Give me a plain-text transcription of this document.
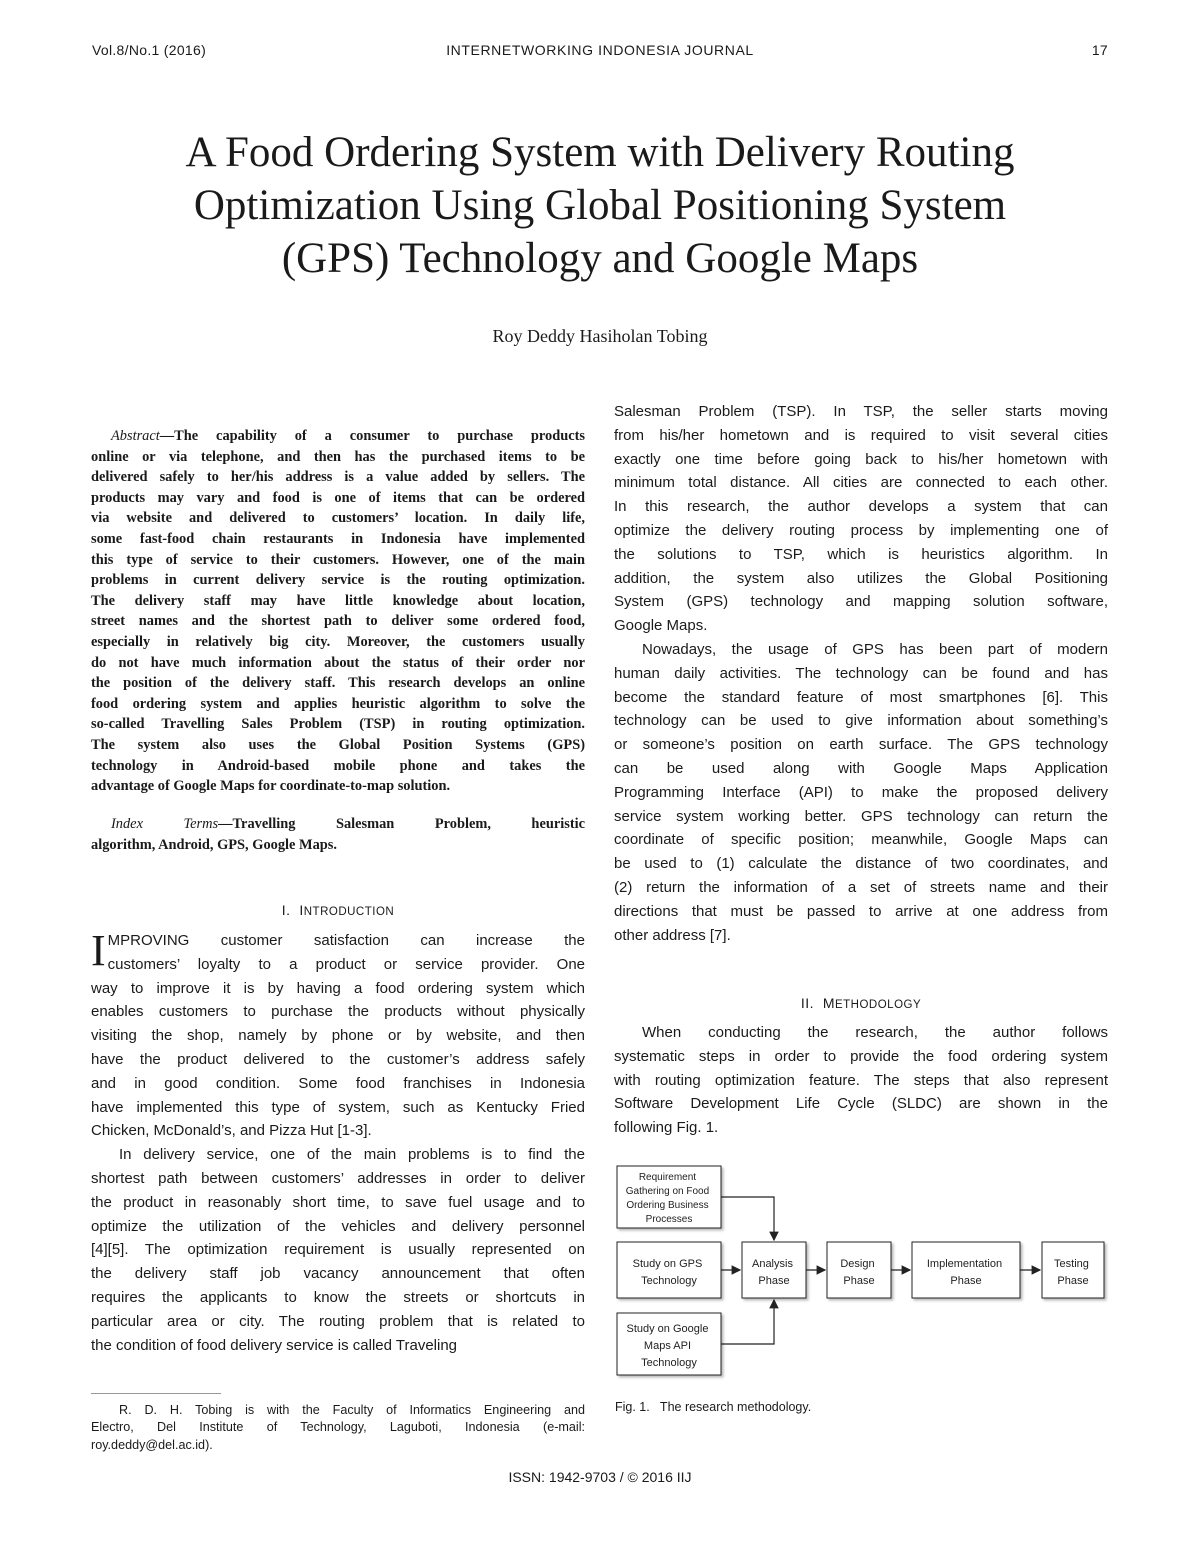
Vol.8/No.1 (2016)	INTERNETWORKING INDONESIA JOURNAL	17
A Food Ordering System with Delivery Routing
Optimization Using Global Positioning System
(GPS) Technology and Google Maps
Roy Deddy Hasiholan Tobing
Abstract—The capability of a consumer to purchase products
online or via telephone, and then has the purchased items to be
delivered safely to her/his address is a value added by sellers. The
products may vary and food is one of items that can be ordered
via website and delivered to customers’ location. In daily life,
some fast-food chain restaurants in Indonesia have implemented
this type of service to their customers. However, one of the main
problems in current delivery service is the routing optimization.
The delivery staff may have little knowledge about location,
street names and the shortest path to deliver some ordered food,
especially in relatively big city. Moreover, the customers usually
do not have much information about the status of their order nor
the position of the delivery staff. This research develops an online
food ordering system and applies heuristic algorithm to solve the
so-called Travelling Sales Problem (TSP) in routing optimization.
The system also uses the Global Position Systems (GPS)
technology in Android-based mobile phone and takes the
advantage of Google Maps for coordinate-to-map solution.
Index Terms—Travelling Salesman Problem, heuristic
algorithm, Android, GPS, Google Maps.
I. INTRODUCTION
I MPROVING customer satisfaction can increase the
customers’ loyalty to a product or service provider. One
way to improve it is by having a food ordering system which
enables customers to purchase the products without physically
visiting the shop, namely by phone or by website, and then
have the product delivered to the customer’s address safely
and in good condition. Some food franchises in Indonesia
have implemented this type of system, such as Kentucky Fried
Chicken, McDonald’s, and Pizza Hut [1-3].
In delivery service, one of the main problems is to find the
shortest path between customers’ addresses in order to deliver
the product in reasonably short time, to save fuel usage and to
optimize the utilization of the vehicles and delivery personnel
[4][5]. The optimization requirement is usually represented on
the delivery staff job vacancy announcement that often
requires the applicants to know the streets or shortcuts in
particular area or city. The routing problem that is related to
the condition of food delivery service is called Traveling
R. D. H. Tobing is with the Faculty of Informatics Engineering and
Electro, Del Institute of Technology, Laguboti, Indonesia (e-mail:
roy.deddy@del.ac.id).
Salesman Problem (TSP). In TSP, the seller starts moving
from his/her hometown and is required to visit several cities
exactly one time before going back to his/her hometown with
minimum total distance. All cities are connected to each other.
In this research, the author develops a system that can
optimize the delivery routing process by implementing one of
the solutions to TSP, which is heuristics algorithm. In
addition, the system also utilizes the Global Positioning
System (GPS) technology and mapping solution software,
Google Maps.
Nowadays, the usage of GPS has been part of modern
human daily activities. The technology can be found and has
become the standard feature of most smartphones [6]. This
technology can be used to give information about something’s
or someone’s position on earth surface. The GPS technology
can be used along with Google Maps Application
Programming Interface (API) to make the proposed delivery
service system working better. GPS technology can return the
coordinate of specific position; meanwhile, Google Maps can
be used to (1) calculate the distance of two coordinates, and
(2) return the information of a set of streets name and their
directions that must be passed to arrive at one address from
other address [7].
II. METHODOLOGY
When conducting the research, the author follows
systematic steps in order to provide the food ordering system
with routing optimization feature. The steps that also represent
Software Development Life Cycle (SLDC) are shown in the
following Fig. 1.
Requirement Gathering on Food Ordering Business Processes
Study on GPS Technology
Study on Google Maps API Technology
Analysis Phase
Design Phase
Implementation Phase
Testing Phase
Fig. 1.   The research methodology.
ISSN: 1942-9703 / © 2016 IIJ
